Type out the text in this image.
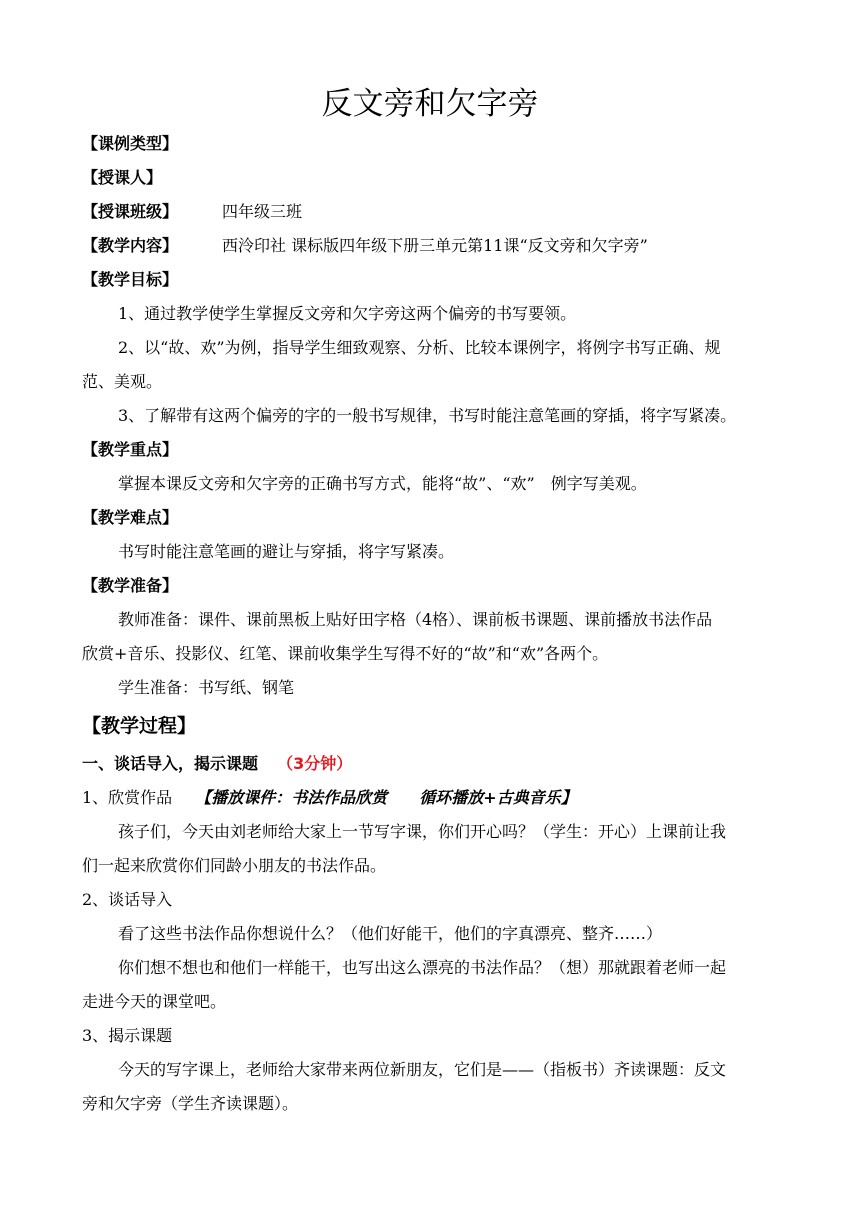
反文旁和欠字旁
【课例类型】
【授课人】
【授课班级】	四年级三班
【教学内容】	西泠印社 课标版四年级下册三单元第11课“反文旁和欠字旁”
【教学目标】
1、通过教学使学生掌握反文旁和欠字旁这两个偏旁的书写要领。
2、以“故、欢”为例，指导学生细致观察、分析、比较本课例字，将例字书写正确、规
范、美观。
3、了解带有这两个偏旁的字的一般书写规律，书写时能注意笔画的穿插，将字写紧凑。
【教学重点】
掌握本课反文旁和欠字旁的正确书写方式，能将“故”、“欢”　例字写美观。
【教学难点】
书写时能注意笔画的避让与穿插，将字写紧凑。
【教学准备】
教师准备：课件、课前黑板上贴好田字格（4格）、课前板书课题、课前播放书法作品
欣赏+音乐、投影仪、红笔、课前收集学生写得不好的“故”和“欢”各两个。
学生准备：书写纸、钢笔
【教学过程】
一、谈话导入，揭示课题 （3分钟）
1、欣赏作品 【播放课件：书法作品欣赏　　循环播放+古典音乐】
孩子们，今天由刘老师给大家上一节写字课，你们开心吗？（学生：开心）上课前让我
们一起来欣赏你们同龄小朋友的书法作品。
2、谈话导入
看了这些书法作品你想说什么？（他们好能干，他们的字真漂亮、整齐……）
你们想不想也和他们一样能干，也写出这么漂亮的书法作品？（想）那就跟着老师一起
走进今天的课堂吧。
3、揭示课题
今天的写字课上，老师给大家带来两位新朋友，它们是——（指板书）齐读课题：反文
旁和欠字旁（学生齐读课题）。
